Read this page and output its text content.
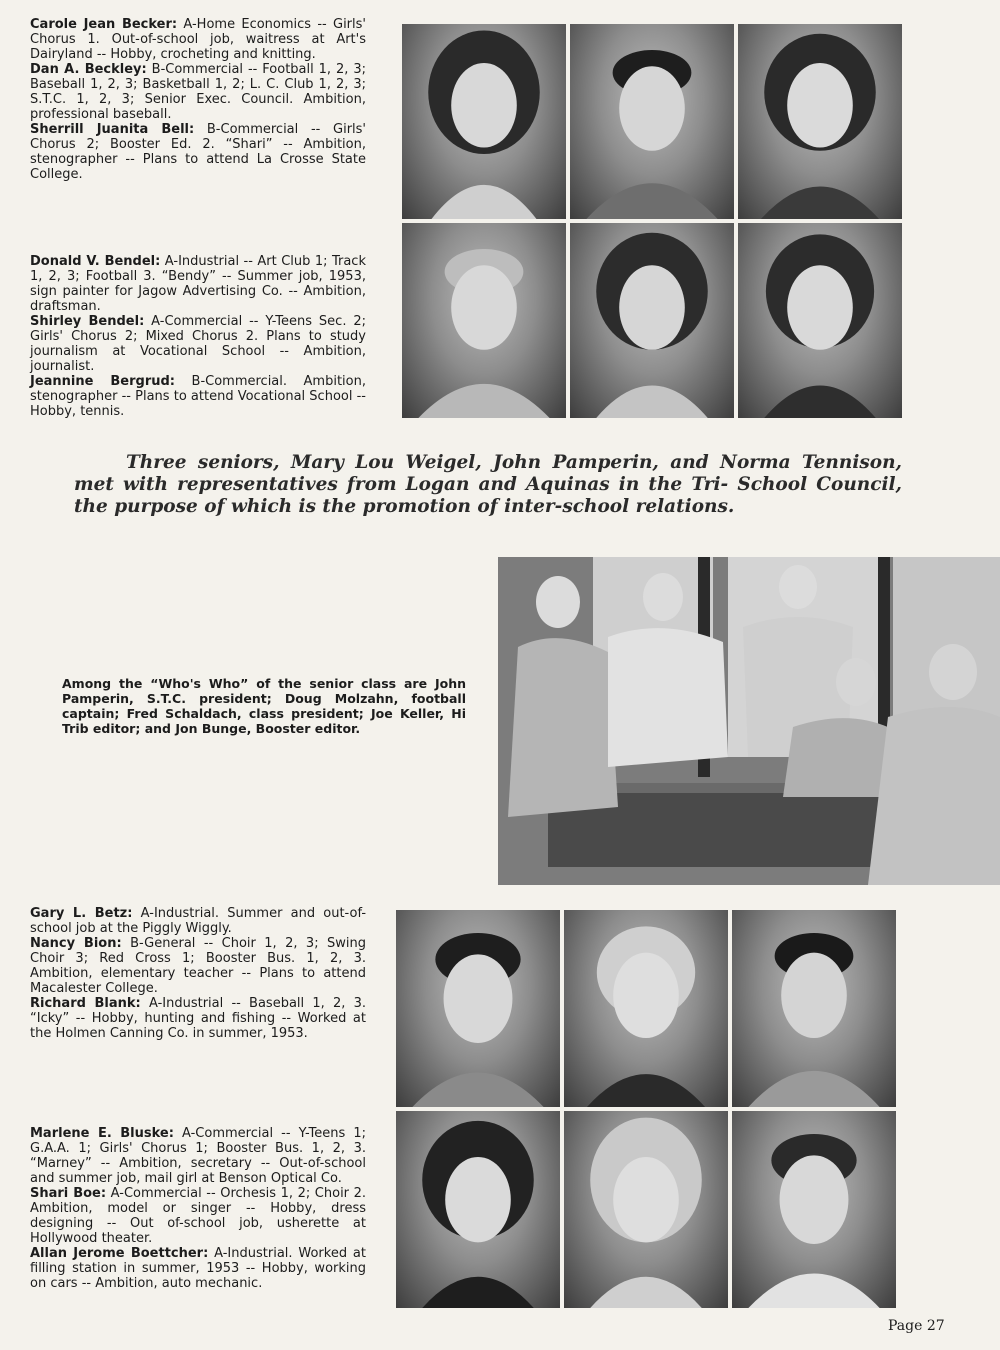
Carole Jean Becker: A-Home Economics -- Girls' Chorus 1. Out-of-school job, waitress at Art's Dairyland -- Hobby, crocheting and knitting.

Dan A. Beckley: B-Commercial -- Football 1, 2, 3; Baseball 1, 2, 3; Basketball 1, 2; L. C. Club 1, 2, 3; S.T.C. 1, 2, 3; Senior Exec. Council. Ambition, professional baseball.

Sherrill Juanita Bell: B-Commercial -- Girls' Chorus 2; Booster Ed. 2. “Shari” -- Ambition, stenographer -- Plans to attend La Crosse State College.

Donald V. Bendel: A-Industrial -- Art Club 1; Track 1, 2, 3; Football 3. “Bendy” -- Summer job, 1953, sign painter for Jagow Advertising Co. -- Ambition, draftsman.

Shirley Bendel: A-Commercial -- Y-Teens Sec. 2; Girls' Chorus 2; Mixed Chorus 2. Plans to study journalism at Vocational School -- Ambition, journalist.

Jeannine Bergrud: B-Commercial. Ambition, stenographer -- Plans to attend Vocational School -- Hobby, tennis.

Three seniors, Mary Lou Weigel, John Pamperin, and Norma Tennison, met with representatives from Logan and Aquinas in the Tri- School Council, the purpose of which is the promotion of inter-school relations.
Among the “Who's Who” of the senior class are John Pamperin, S.T.C. president; Doug Molzahn, football captain; Fred Schaldach, class president; Joe Keller, Hi Trib editor; and Jon Bunge, Booster editor.

Gary L. Betz: A-Industrial. Summer and out-of-school job at the Piggly Wiggly.

Nancy Bion: B-General -- Choir 1, 2, 3; Swing Choir 3; Red Cross 1; Booster Bus. 1, 2, 3. Ambition, elementary teacher -- Plans to attend Macalester College.

Richard Blank: A-Industrial -- Baseball 1, 2, 3. “Icky” -- Hobby, hunting and fishing -- Worked at the Holmen Canning Co. in summer, 1953.

Marlene E. Bluske: A-Commercial -- Y-Teens 1; G.A.A. 1; Girls' Chorus 1; Booster Bus. 1, 2, 3. “Marney” -- Ambition, secretary -- Out-of-school and summer job, mail girl at Benson Optical Co.

Shari Boe: A-Commercial -- Orchesis 1, 2; Choir 2. Ambition, model or singer -- Hobby, dress designing -- Out of-school job, usherette at Hollywood theater.

Allan Jerome Boettcher: A-Industrial. Worked at filling station in summer, 1953 -- Hobby, working on cars -- Ambition, auto mechanic.

Page 27
